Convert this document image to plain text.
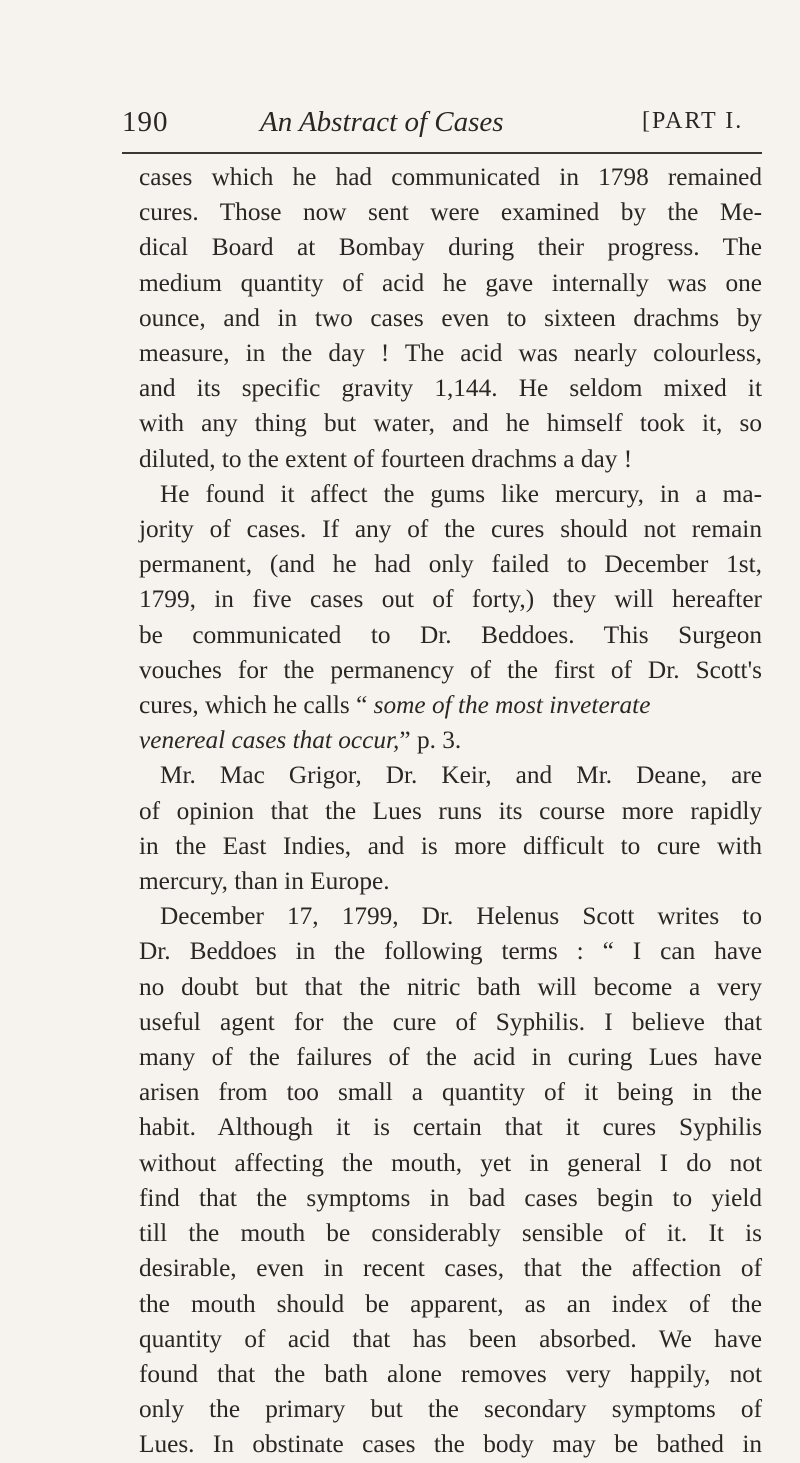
190	An Abstract of Cases	[PART I.
cases which he had communicated in 1798 remained
cures. Those now sent were examined by the Me-
dical Board at Bombay during their progress. The
medium quantity of acid he gave internally was one
ounce, and in two cases even to sixteen drachms by
measure, in the day ! The acid was nearly colourless,
and its specific gravity 1,144. He seldom mixed it
with any thing but water, and he himself took it, so
diluted, to the extent of fourteen drachms a day !
He found it affect the gums like mercury, in a ma-
jority of cases. If any of the cures should not remain
permanent, (and he had only failed to December 1st,
1799, in five cases out of forty,) they will hereafter
be communicated to Dr. Beddoes. This Surgeon
vouches for the permanency of the first of Dr. Scott's
cures, which he calls “ some of the most inveterate
venereal cases that occur,” p. 3.
Mr. Mac Grigor, Dr. Keir, and Mr. Deane, are
of opinion that the Lues runs its course more rapidly
in the East Indies, and is more difficult to cure with
mercury, than in Europe.
December 17, 1799, Dr. Helenus Scott writes to
Dr. Beddoes in the following terms : “ I can have
no doubt but that the nitric bath will become a very
useful agent for the cure of Syphilis. I believe that
many of the failures of the acid in curing Lues have
arisen from too small a quantity of it being in the
habit. Although it is certain that it cures Syphilis
without affecting the mouth, yet in general I do not
find that the symptoms in bad cases begin to yield
till the mouth be considerably sensible of it. It is
desirable, even in recent cases, that the affection of
the mouth should be apparent, as an index of the
quantity of acid that has been absorbed. We have
found that the bath alone removes very happily, not
only the primary but the secondary symptoms of
Lues. In obstinate cases the body may be bathed in
